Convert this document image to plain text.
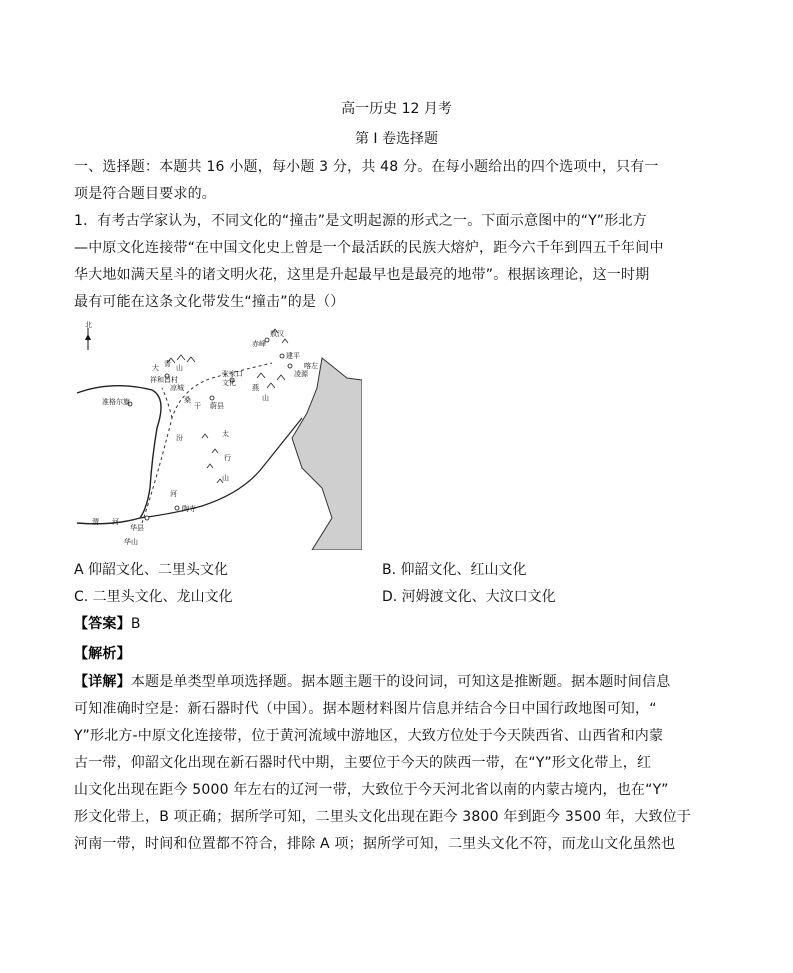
高一历史 12 月考
第 I 卷选择题
一、选择题：本题共 16 小题，每小题 3 分，共 48 分。在每小题给出的四个选项中，只有一
项是符合题目要求的。
1．有考古学家认为，不同文化的“撞击”是文明起源的形式之一。下面示意图中的“Y”形北方
—中原文化连接带“在中国文化史上曾是一个最活跃的民族大熔炉，距今六千年到四五千年间中
华大地如满天星斗的诸文明火花，这里是升起最早也是最亮的地带”。根据该理论，这一时期
最有可能在这条文化带发生“撞击”的是（）
北
赤峰
敖汉
建平
喀左
凌源
大 青 山
祥和昌村
凉城
准格尔旗
张家口
文化
桑
干 蔚县
燕
山
汾	太
行
山
河
陶寺
渭 河
华县
华山
A 仰韶文化、二里头文化	B. 仰韶文化、红山文化
C. 二里头文化、龙山文化	D. 河姆渡文化、大汶口文化
【答案】B
【解析】
【详解】本题是单类型单项选择题。据本题主题干的设问词，可知这是推断题。据本题时间信息
可知准确时空是：新石器时代（中国）。据本题材料图片信息并结合今日中国行政地图可知，“
Y”形北方-中原文化连接带，位于黄河流域中游地区，大致方位处于今天陕西省、山西省和内蒙
古一带，仰韶文化出现在新石器时代中期，主要位于今天的陕西一带，在“Y”形文化带上，红
山文化出现在距今 5000 年左右的辽河一带，大致位于今天河北省以南的内蒙古境内，也在“Y”
形文化带上，B 项正确；据所学可知，二里头文化出现在距今 3800 年到距今 3500 年，大致位于
河南一带，时间和位置都不符合，排除 A 项；据所学可知，二里头文化不符，而龙山文化虽然也
